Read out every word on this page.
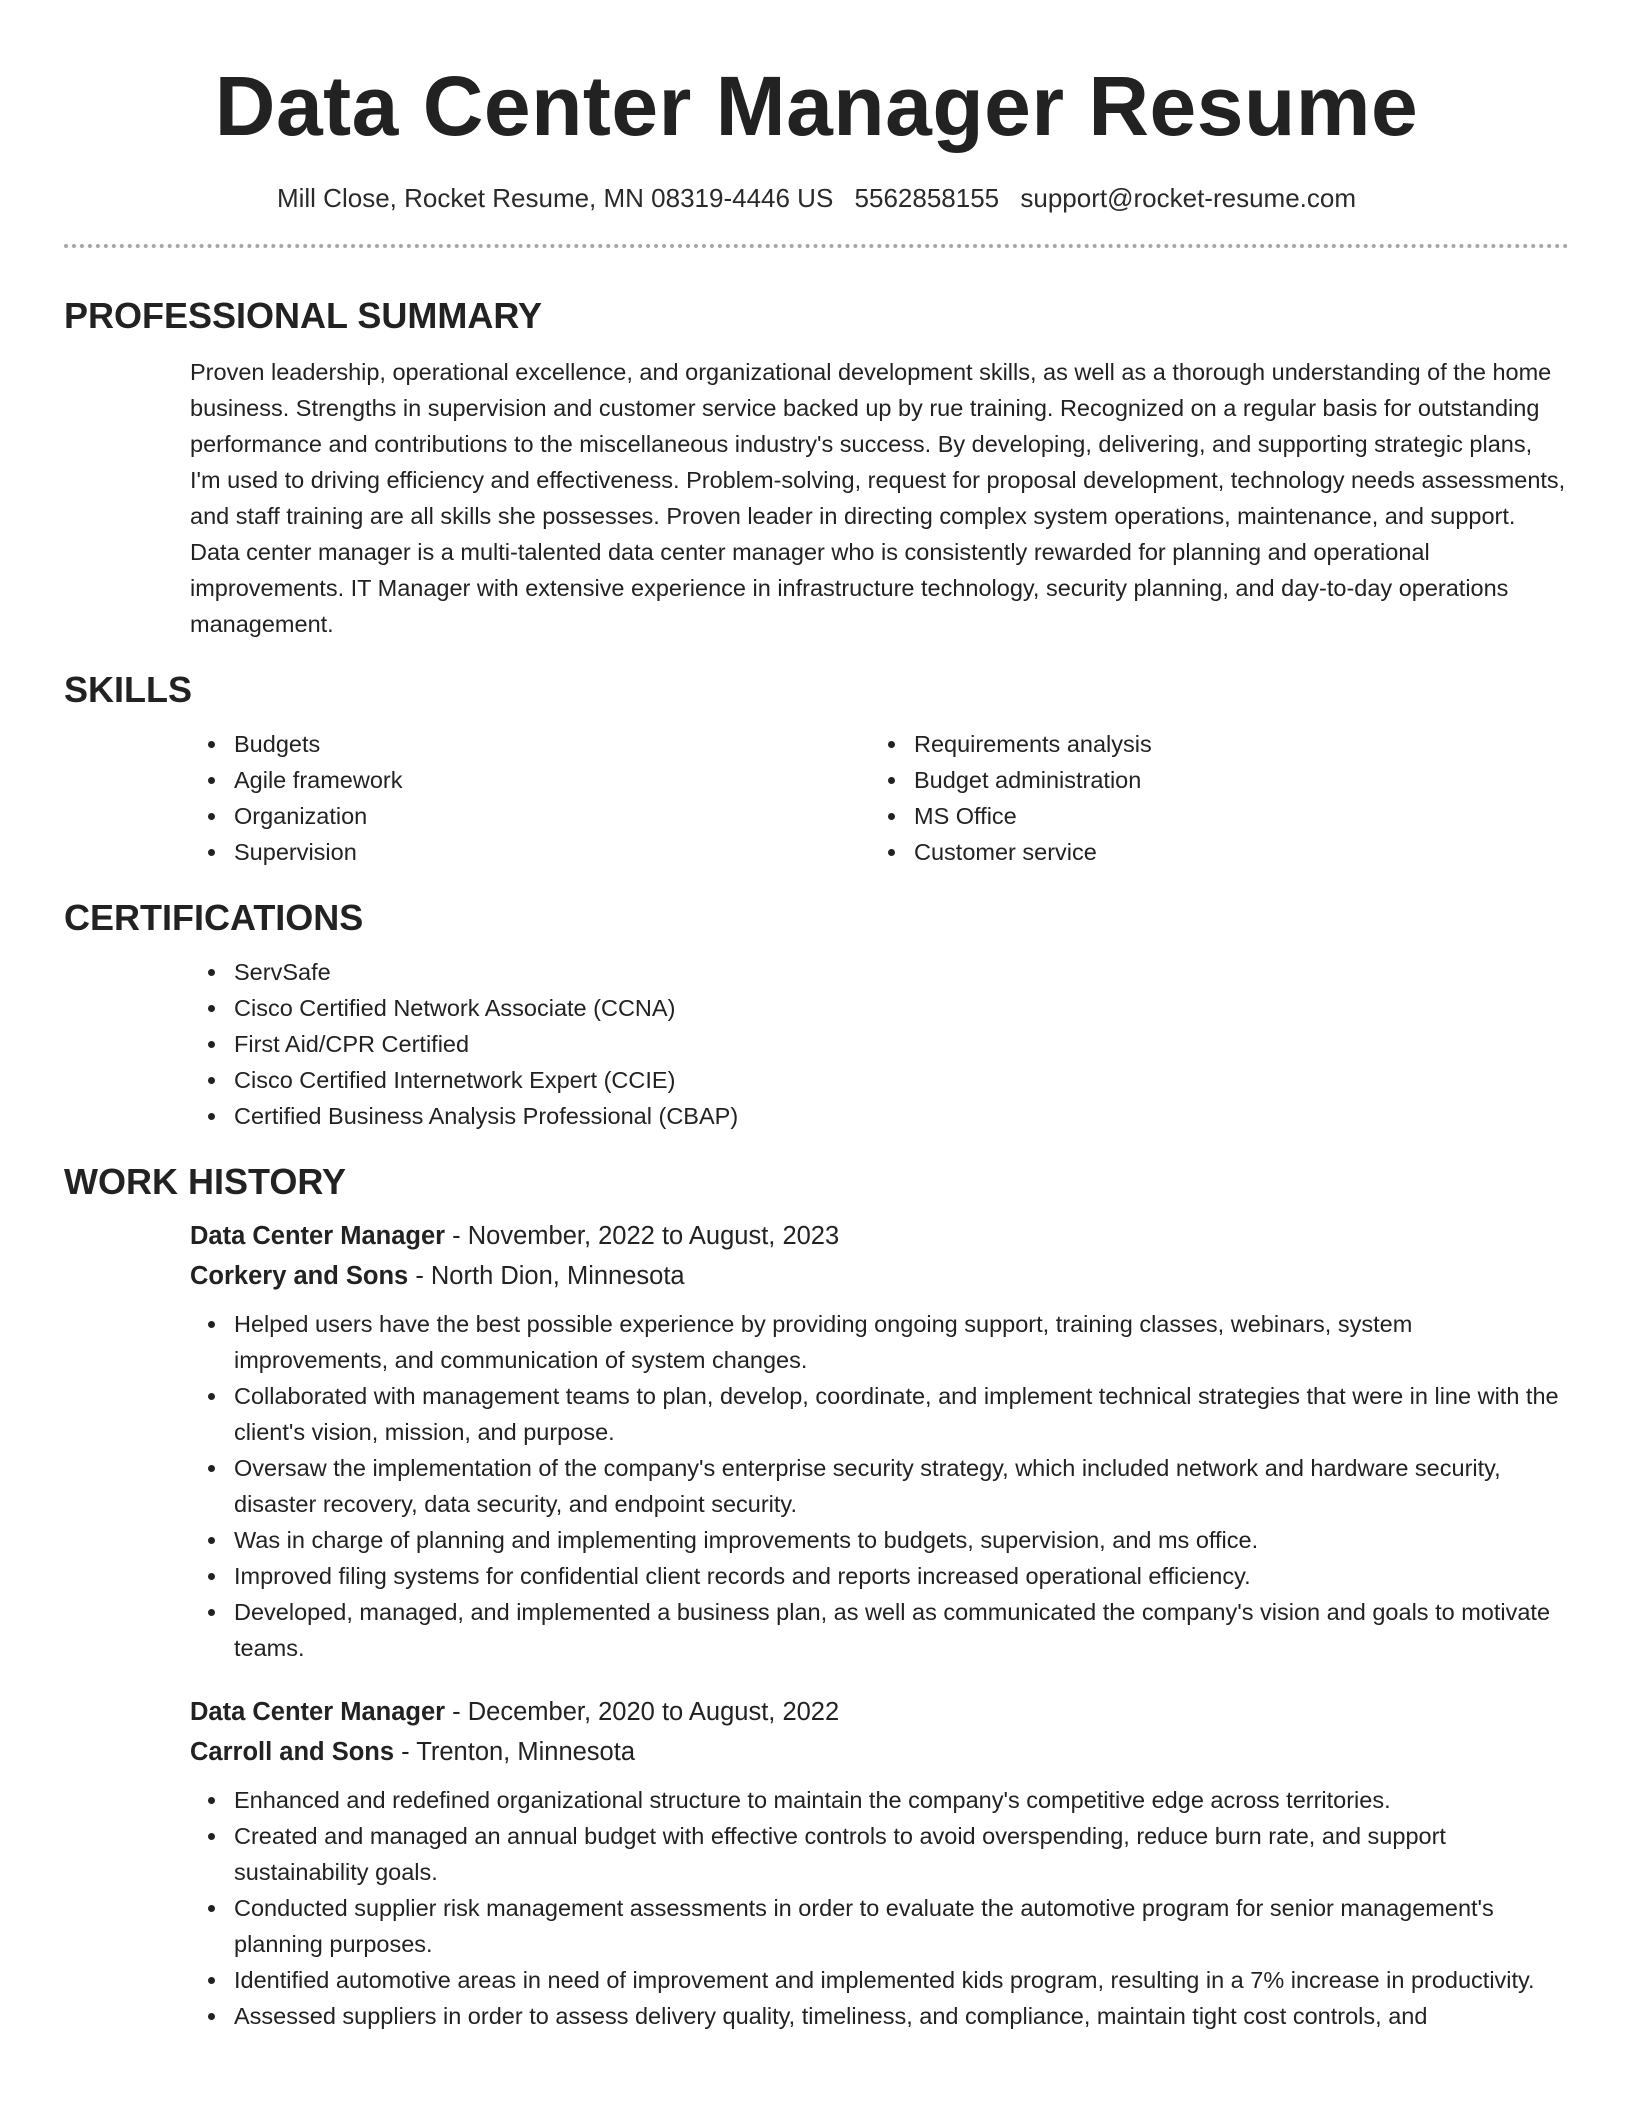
Data Center Manager Resume
Mill Close, Rocket Resume, MN 08319-4446 US 5562858155 support@rocket-resume.com
PROFESSIONAL SUMMARY

Proven leadership, operational excellence, and organizational development skills, as well as a thorough understanding of the home business. Strengths in supervision and customer service backed up by rue training. Recognized on a regular basis for outstanding performance and contributions to the miscellaneous industry's success. By developing, delivering, and supporting strategic plans, I'm used to driving efficiency and effectiveness. Problem-solving, request for proposal development, technology needs assessments, and staff training are all skills she possesses. Proven leader in directing complex system operations, maintenance, and support. Data center manager is a multi-talented data center manager who is consistently rewarded for planning and operational improvements. IT Manager with extensive experience in infrastructure technology, security planning, and day-to-day operations management.

SKILLS
Budgets
Agile framework
Organization
Supervision
Requirements analysis
Budget administration
MS Office
Customer service
CERTIFICATIONS
ServSafe
Cisco Certified Network Associate (CCNA)
First Aid/CPR Certified
Cisco Certified Internetwork Expert (CCIE)
Certified Business Analysis Professional (CBAP)
WORK HISTORY
Data Center Manager - November, 2022 to August, 2023
Corkery and Sons - North Dion, Minnesota
Helped users have the best possible experience by providing ongoing support, training classes, webinars, system improvements, and communication of system changes.
Collaborated with management teams to plan, develop, coordinate, and implement technical strategies that were in line with the client's vision, mission, and purpose.
Oversaw the implementation of the company's enterprise security strategy, which included network and hardware security, disaster recovery, data security, and endpoint security.
Was in charge of planning and implementing improvements to budgets, supervision, and ms office.
Improved filing systems for confidential client records and reports increased operational efficiency.
Developed, managed, and implemented a business plan, as well as communicated the company's vision and goals to motivate teams.
Data Center Manager - December, 2020 to August, 2022
Carroll and Sons - Trenton, Minnesota
Enhanced and redefined organizational structure to maintain the company's competitive edge across territories.
Created and managed an annual budget with effective controls to avoid overspending, reduce burn rate, and support sustainability goals.
Conducted supplier risk management assessments in order to evaluate the automotive program for senior management's planning purposes.
Identified automotive areas in need of improvement and implemented kids program, resulting in a 7% increase in productivity.
Assessed suppliers in order to assess delivery quality, timeliness, and compliance, maintain tight cost controls, and
